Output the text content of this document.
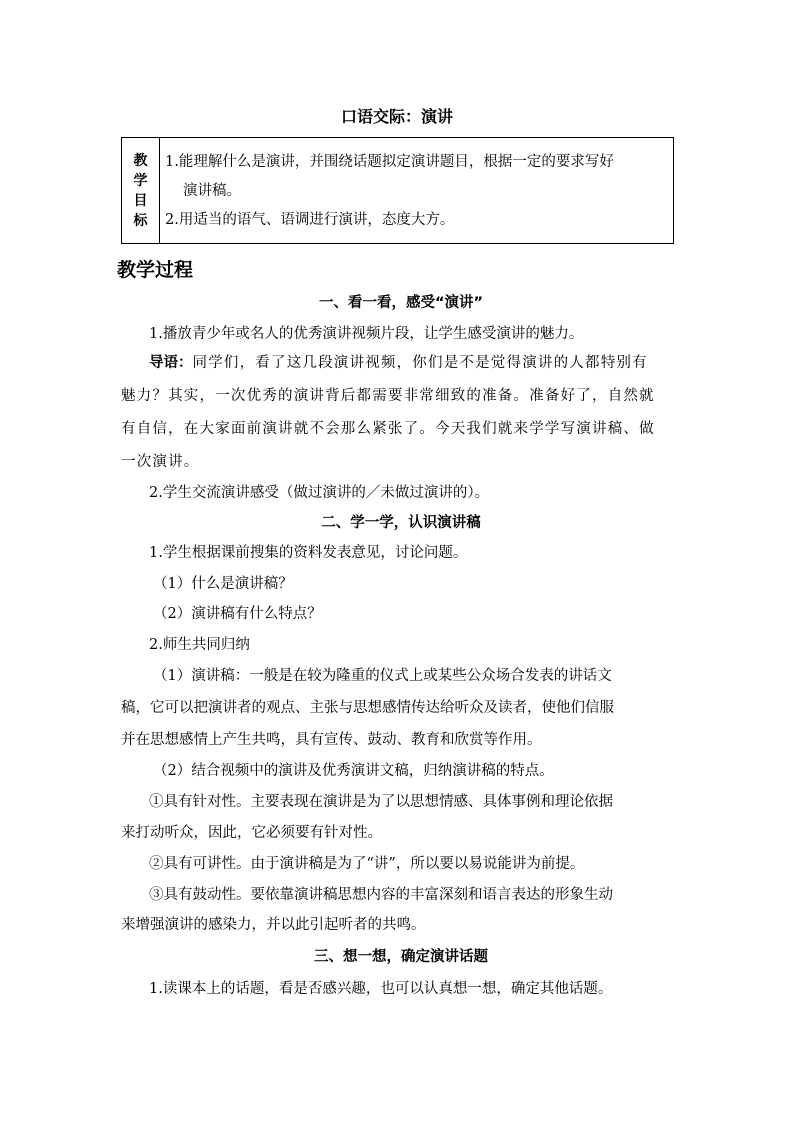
口语交际：演讲
教
学
目
标
1.能理解什么是演讲，并围绕话题拟定演讲题目，根据一定的要求写好
演讲稿。
2.用适当的语气、语调进行演讲，态度大方。
教学过程
一、看一看，感受“演讲”
1.播放青少年或名人的优秀演讲视频片段，让学生感受演讲的魅力。
导语：同学们，看了这几段演讲视频，你们是不是觉得演讲的人都特别有
魅力？其实，一次优秀的演讲背后都需要非常细致的准备。准备好了，自然就
有自信，在大家面前演讲就不会那么紧张了。今天我们就来学学写演讲稿、做
一次演讲。
2.学生交流演讲感受（做过演讲的／未做过演讲的）。
二、学一学，认识演讲稿
1.学生根据课前搜集的资料发表意见，讨论问题。
（1）什么是演讲稿？
（2）演讲稿有什么特点？
2.师生共同归纳
（1）演讲稿：一般是在较为隆重的仪式上或某些公众场合发表的讲话文
稿，它可以把演讲者的观点、主张与思想感情传达给听众及读者，使他们信服
并在思想感情上产生共鸣，具有宣传、鼓动、教育和欣赏等作用。
（2）结合视频中的演讲及优秀演讲文稿，归纳演讲稿的特点。
①具有针对性。主要表现在演讲是为了以思想情感、具体事例和理论依据
来打动听众，因此，它必须要有针对性。
②具有可讲性。由于演讲稿是为了“讲”，所以要以易说能讲为前提。
③具有鼓动性。要依靠演讲稿思想内容的丰富深刻和语言表达的形象生动
来增强演讲的感染力，并以此引起听者的共鸣。
三、想一想，确定演讲话题
1.读课本上的话题，看是否感兴趣，也可以认真想一想，确定其他话题。
